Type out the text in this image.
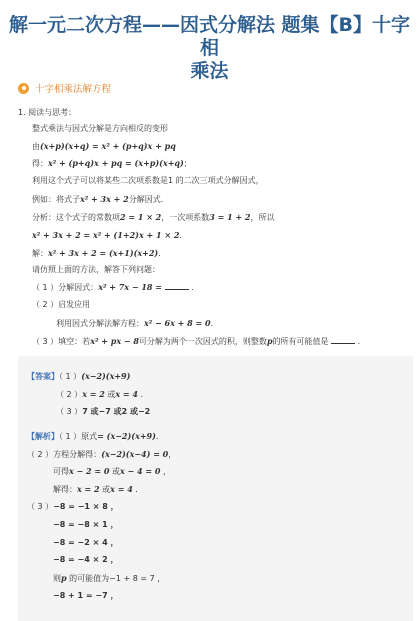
解一元二次方程——因式分解法 题集【B】十字相
乘法
十字相乘法解方程
1. 阅读与思考：
整式乘法与因式分解是方向相反的变形
由(x+p)(x+q) = x² + (p+q)x + pq
得：x² + (p+q)x + pq = (x+p)(x+q)；
利用这个式子可以将某些二次项系数是1 的二次三项式分解因式，
例如：将式子x² + 3x + 2分解因式．
分析：这个式子的常数项2 = 1 × 2，一次项系数3 = 1 + 2，所以
x² + 3x + 2 = x² + (1+2)x + 1 × 2．
解：x² + 3x + 2 = (x+1)(x+2)．
请仿照上面的方法，解答下列问题：
（ 1 ）分解因式：x² + 7x − 18 =	．
（ 2 ）启发应用
利用因式分解法解方程：x² − 6x + 8 = 0．
（ 3 ）填空：若x² + px − 8可分解为两个一次因式的积，则整数p的所有可能值是	．
【答案】（ 1 ）(x−2)(x+9)
（ 2 ）x = 2 或x = 4 ．
（ 3 ）7 或−7 或2 或−2
【解析】（ 1 ）原式= (x−2)(x+9)．
（ 2 ）方程分解得：(x−2)(x−4) = 0，
可得x − 2 = 0 或x − 4 = 0 ，
解得：x = 2 或x = 4 ．
（ 3 ）−8 = −1 × 8 ，
−8 = −8 × 1 ，
−8 = −2 × 4 ，
−8 = −4 × 2 ，
则p 的可能值为−1 + 8 = 7 ，
−8 + 1 = −7 ，
